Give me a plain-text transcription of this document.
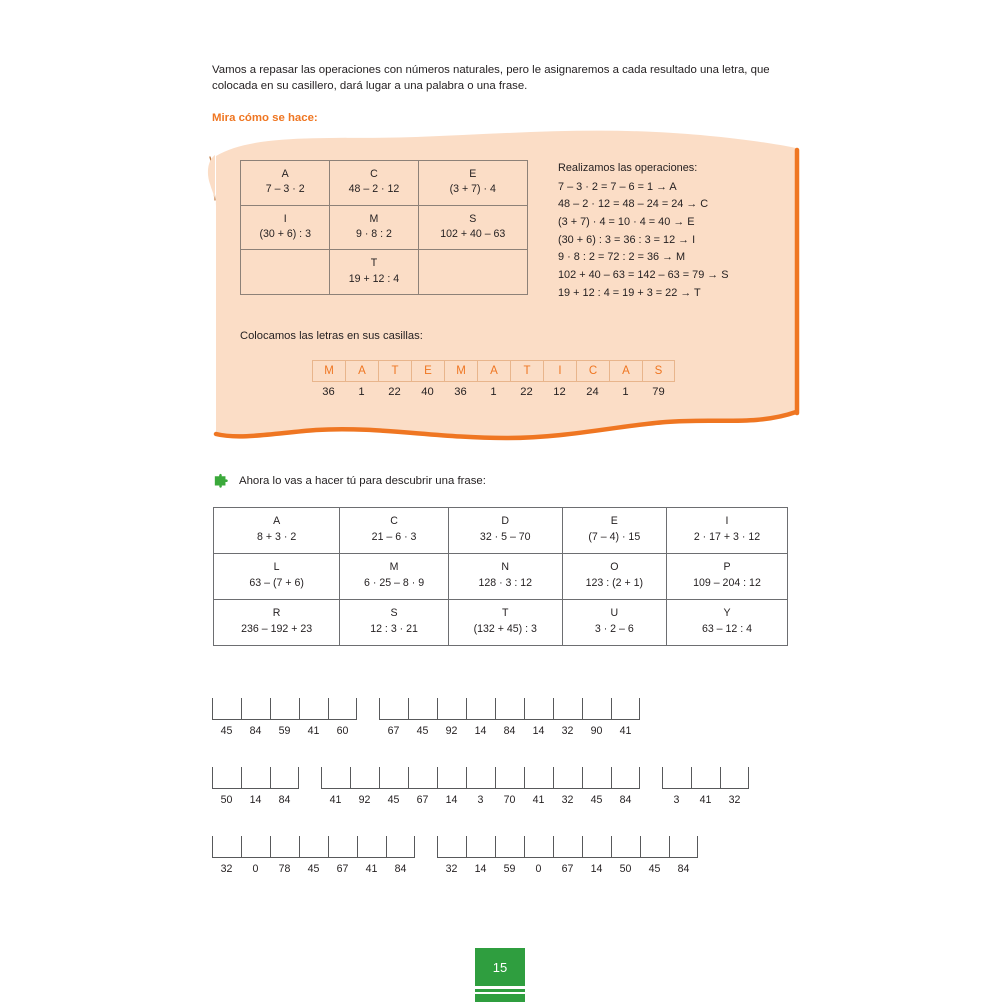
Vamos a repasar las operaciones con números naturales, pero le asignaremos a cada resultado una letra, que colocada en su casillero, dará lugar a una palabra o una frase.
Mira cómo se hace:
A
7 – 3 · 2	C
48 – 2 · 12	E
(3 + 7) · 4

I
(30 + 6) : 3	M
9 · 8 : 2	S
102 + 40 – 63

	T
19 + 12 : 4	

Realizamos las operaciones:
7 – 3 · 2 = 7 – 6 = 1 → A
48 – 2 · 12 = 48 – 24 = 24 → C
(3 + 7) · 4 = 10 · 4 = 40 → E
(30 + 6) : 3 = 36 : 3 = 12 → I
9 · 8 : 2 = 72 : 2 = 36 → M
102 + 40 – 63 = 142 – 63 = 79 → S
19 + 12 : 4 = 19 + 3 = 22 → T
Colocamos las letras en sus casillas:
M	A	T	E	M	A	T	I	C	A	S
36	1	22	40	36	1	22	12	24	1	79
Ahora lo vas a hacer tú para descubrir una frase:
A
8 + 3 · 2	C
21 – 6 · 3	D
32 · 5 – 70	E
(7 – 4) · 15	I
2 · 17 + 3 · 12

L
63 – (7 + 6)	M
6 · 25 – 8 · 9	N
128 · 3 : 12	O
123 : (2 + 1)	P
109 – 204 : 12

R
236 – 192 + 23	S
12 : 3 · 21	T
(132 + 45) : 3	U
3 · 2 – 6	Y
63 – 12 : 4
45	84	59	41	60	67	45	92	14	84	14	32	90	41
50	14	84	41	92	45	67	14	3	70	41	32	45	84	3	41	32
32	0	78	45	67	41	84	32	14	59	0	67	14	50	45	84
15
